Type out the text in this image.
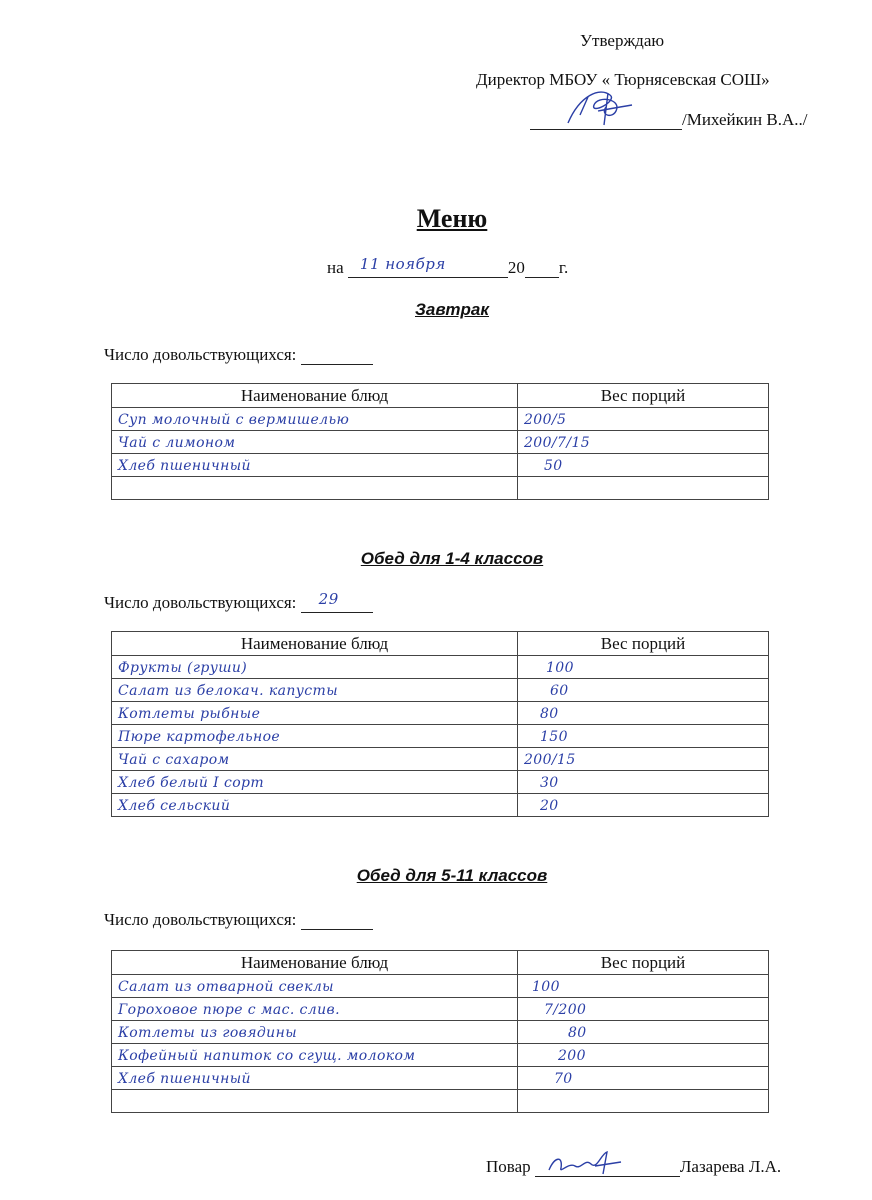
Утверждаю
Директор МБОУ « Тюрнясевская СОШ»
/Михейкин В.А../
Меню
на 11 ноября	20 г.
Завтрак
Число довольствующихся:
Наименование блюд	Вес порций
Суп молочный с вермишелью	200/5
Чай с лимоном	200/7/15
Хлеб пшеничный	50

Обед для 1-4 классов
Число довольствующихся: 29
Наименование блюд	Вес порций
Фрукты (груши)	100
Салат из белокач. капусты	60
Котлеты рыбные	80
Пюре картофельное	150
Чай с сахаром	200/15
Хлеб белый I сорт	30
Хлеб сельский	20
Обед для 5-11 классов
Число довольствующихся:
Наименование блюд	Вес порций
Салат из отварной свеклы	100
Гороховое пюре с мас. слив.	7/200
Котлеты из говядины	80
Кофейный напиток со сгущ. молоком	200
Хлеб пшеничный	70

Повар	Лазарева Л.А.
